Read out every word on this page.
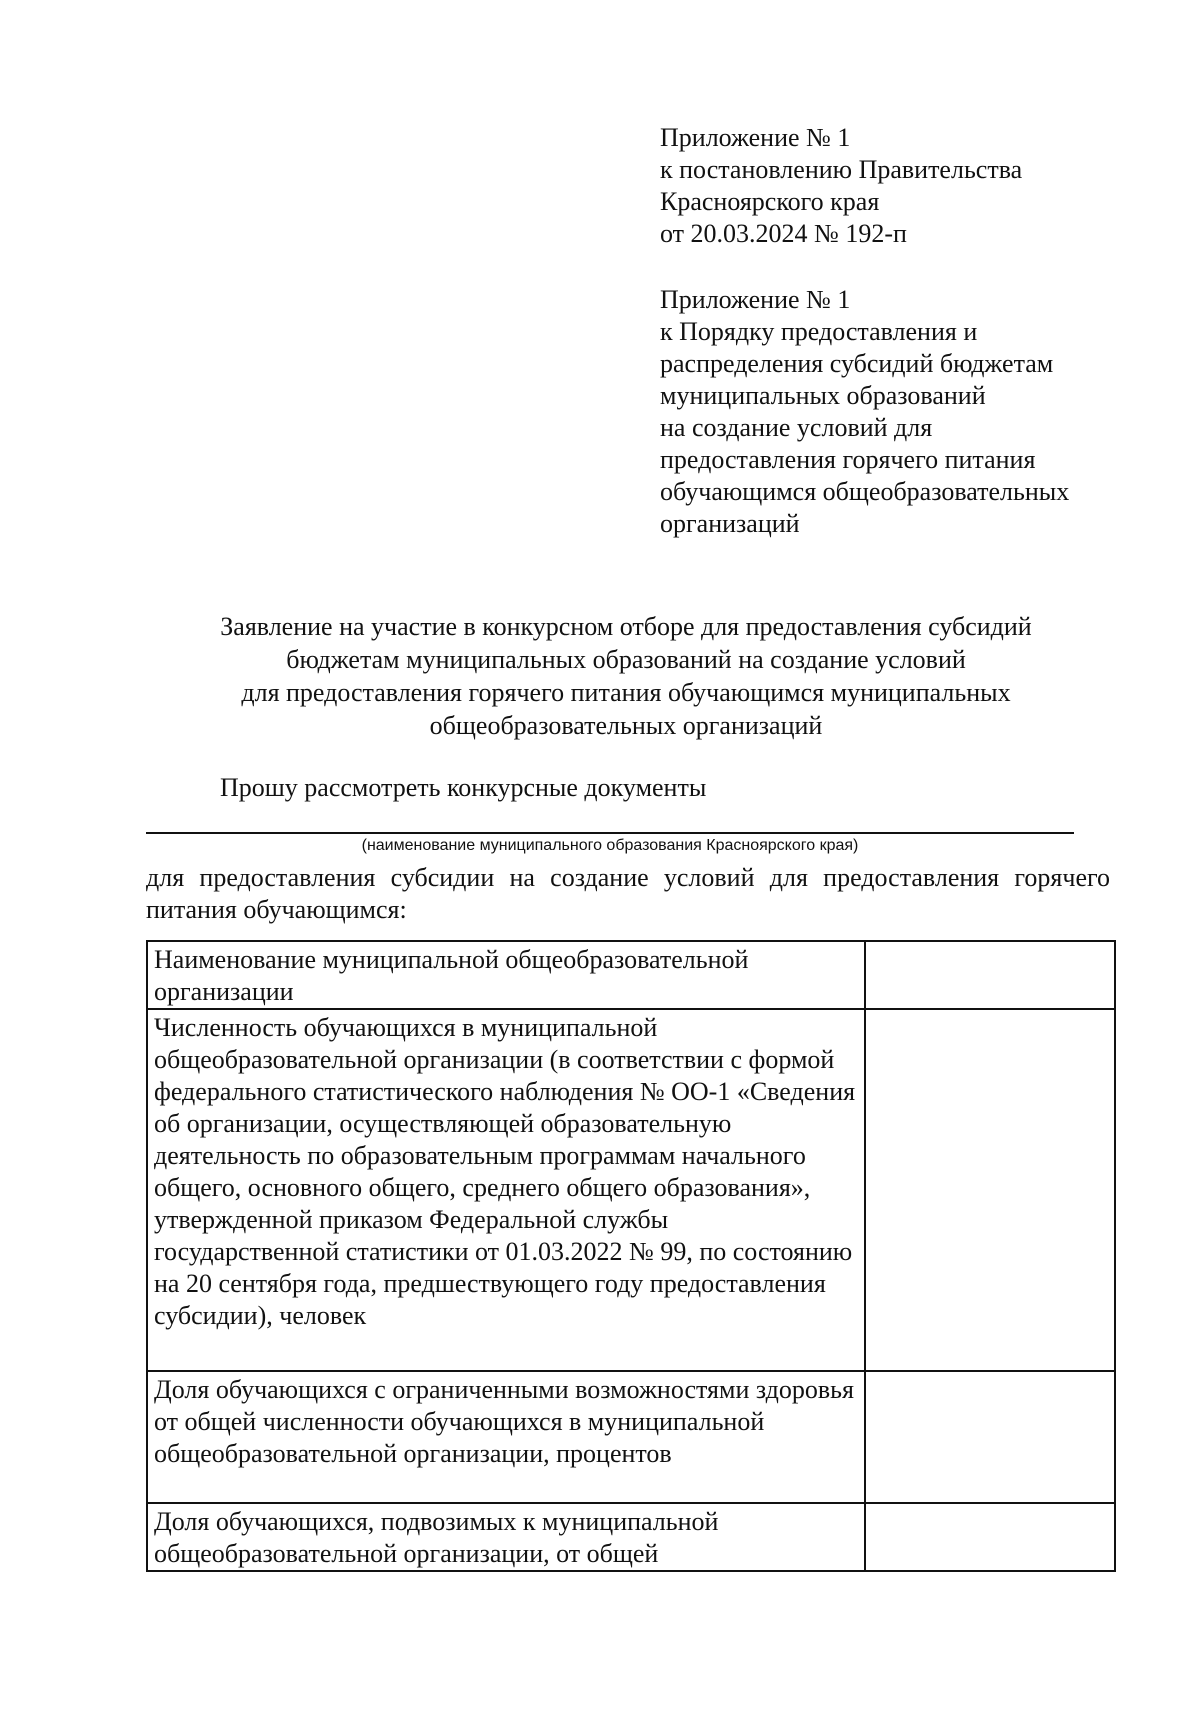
Приложение № 1
к постановлению Правительства
Красноярского края
от 20.03.2024 № 192-п

Приложение № 1
к Порядку предоставления и
распределения субсидий бюджетам
муниципальных образований
на создание условий для
предоставления горячего питания
обучающимся общеобразовательных
организаций

Заявление на участие в конкурсном отборе для предоставления субсидий
бюджетам муниципальных образований на создание условий
для предоставления горячего питания обучающимся муниципальных
общеобразовательных организаций

Прошу рассмотреть конкурсные документы

(наименование муниципального образования Красноярского края)

для предоставления субсидии на создание условий для предоставления горячего питания обучающимся:

Наименование муниципальной общеобразовательной организации	
Численность обучающихся в муниципальной общеобразовательной организации (в соответствии с формой федерального статистического наблюдения № ОО-1 «Сведения об организации, осуществляющей образовательную деятельность по образовательным программам начального общего, основного общего, среднего общего образования», утвержденной приказом Федеральной службы государственной статистики от 01.03.2022 № 99, по состоянию на 20 сентября года, предшествующего году предоставления субсидии), человек	
Доля обучающихся с ограниченными возможностями здоровья от общей численности обучающихся в муниципальной общеобразовательной организации, процентов	
Доля обучающихся, подвозимых к муниципальной общеобразовательной организации, от общей	
